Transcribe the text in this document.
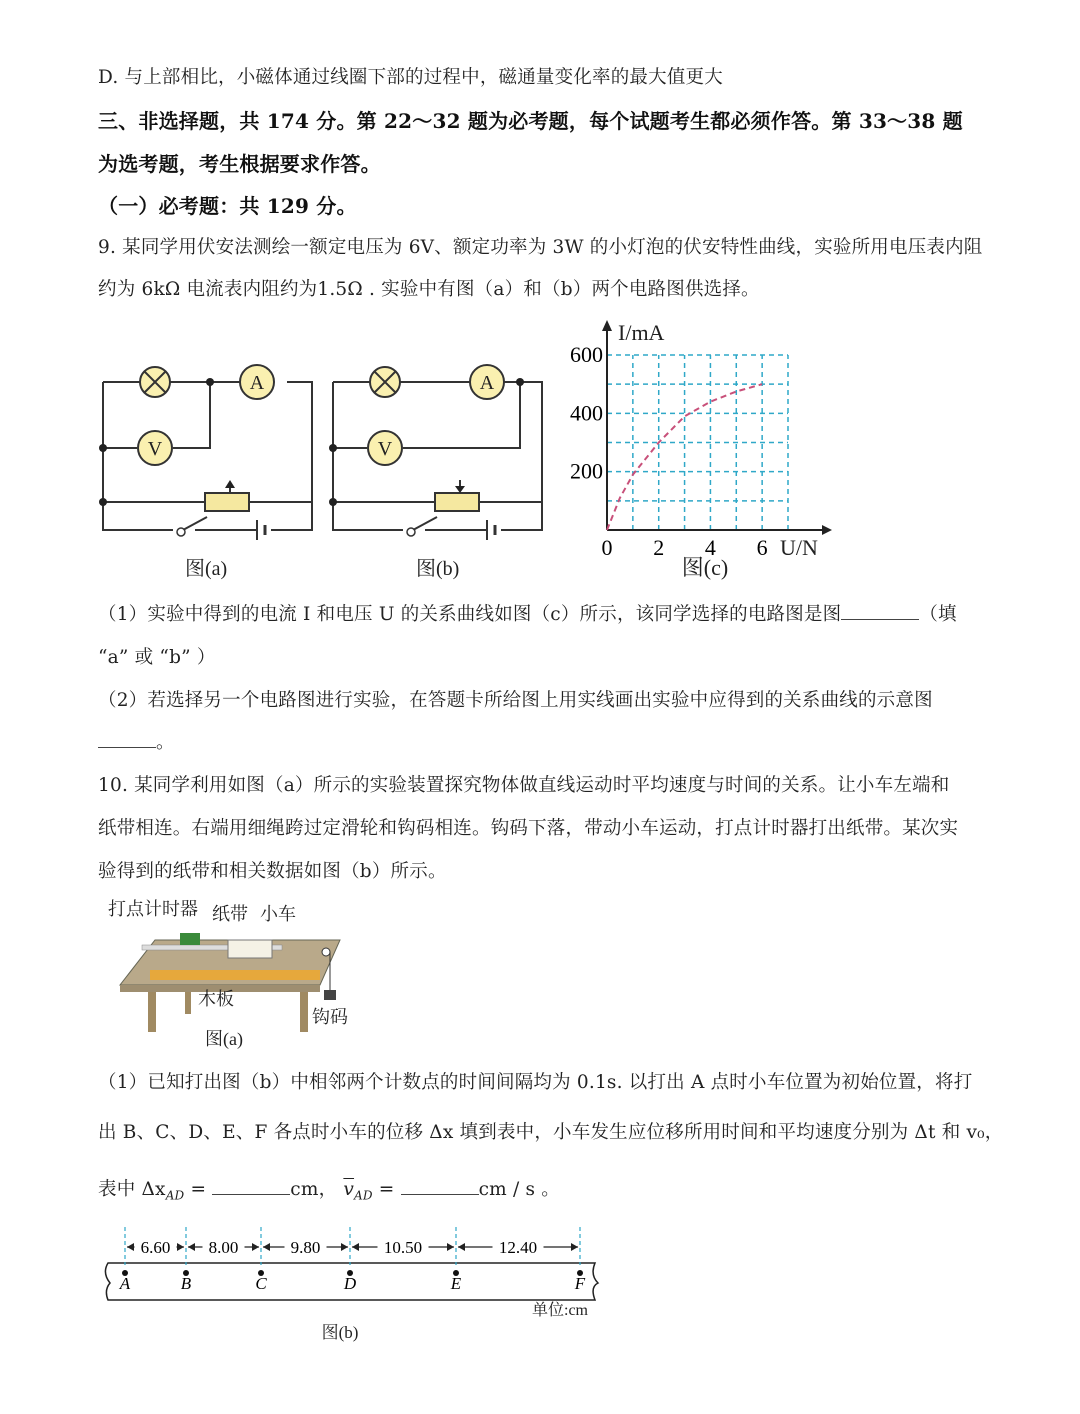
D. 与上部相比，小磁体通过线圈下部的过程中，磁通量变化率的最大值更大
三、非选择题，共 174 分。第 22～32 题为必考题，每个试题考生都必须作答。第 33～38 题
为选考题，考生根据要求作答。
（一）必考题：共 129 分。
9. 某同学用伏安法测绘一额定电压为 6V、额定功率为 3W 的小灯泡的伏安特性曲线，实验所用电压表内阻
约为 6kΩ 电流表内阻约为1.5Ω . 实验中有图（a）和（b）两个电路图供选择。
A
V
图(a)
A
V
图(b)
0 2 4 6
200
400
600
I/mA
U/N
图(c)
（1）实验中得到的电流 I 和电压 U 的关系曲线如图（c）所示，该同学选择的电路图是图	（填
“a” 或 “b” ）
（2）若选择另一个电路图进行实验，在答题卡所给图上用实线画出实验中应得到的关系曲线的示意图
。
10. 某同学利用如图（a）所示的实验装置探究物体做直线运动时平均速度与时间的关系。让小车左端和
纸带相连。右端用细绳跨过定滑轮和钩码相连。钩码下落，带动小车运动，打点计时器打出纸带。某次实
验得到的纸带和相关数据如图（b）所示。
打点计时器 纸带 小车
木板
钩码
图(a)
（1）已知打出图（b）中相邻两个计数点的时间间隔均为 0.1s. 以打出 A 点时小车位置为初始位置，将打
出 B、C、D、E、F 各点时小车的位移 Δx 填到表中，小车发生应位移所用时间和平均速度分别为 Δt 和 v₀，
表中 $\Delta x_{AD}$ =	cm， $\overline{v}_{AD}$ =	cm / s 。
A	B	C	D	E	F
6.60 8.00	9.80	10.50	12.40
单位:cm
图(b)
